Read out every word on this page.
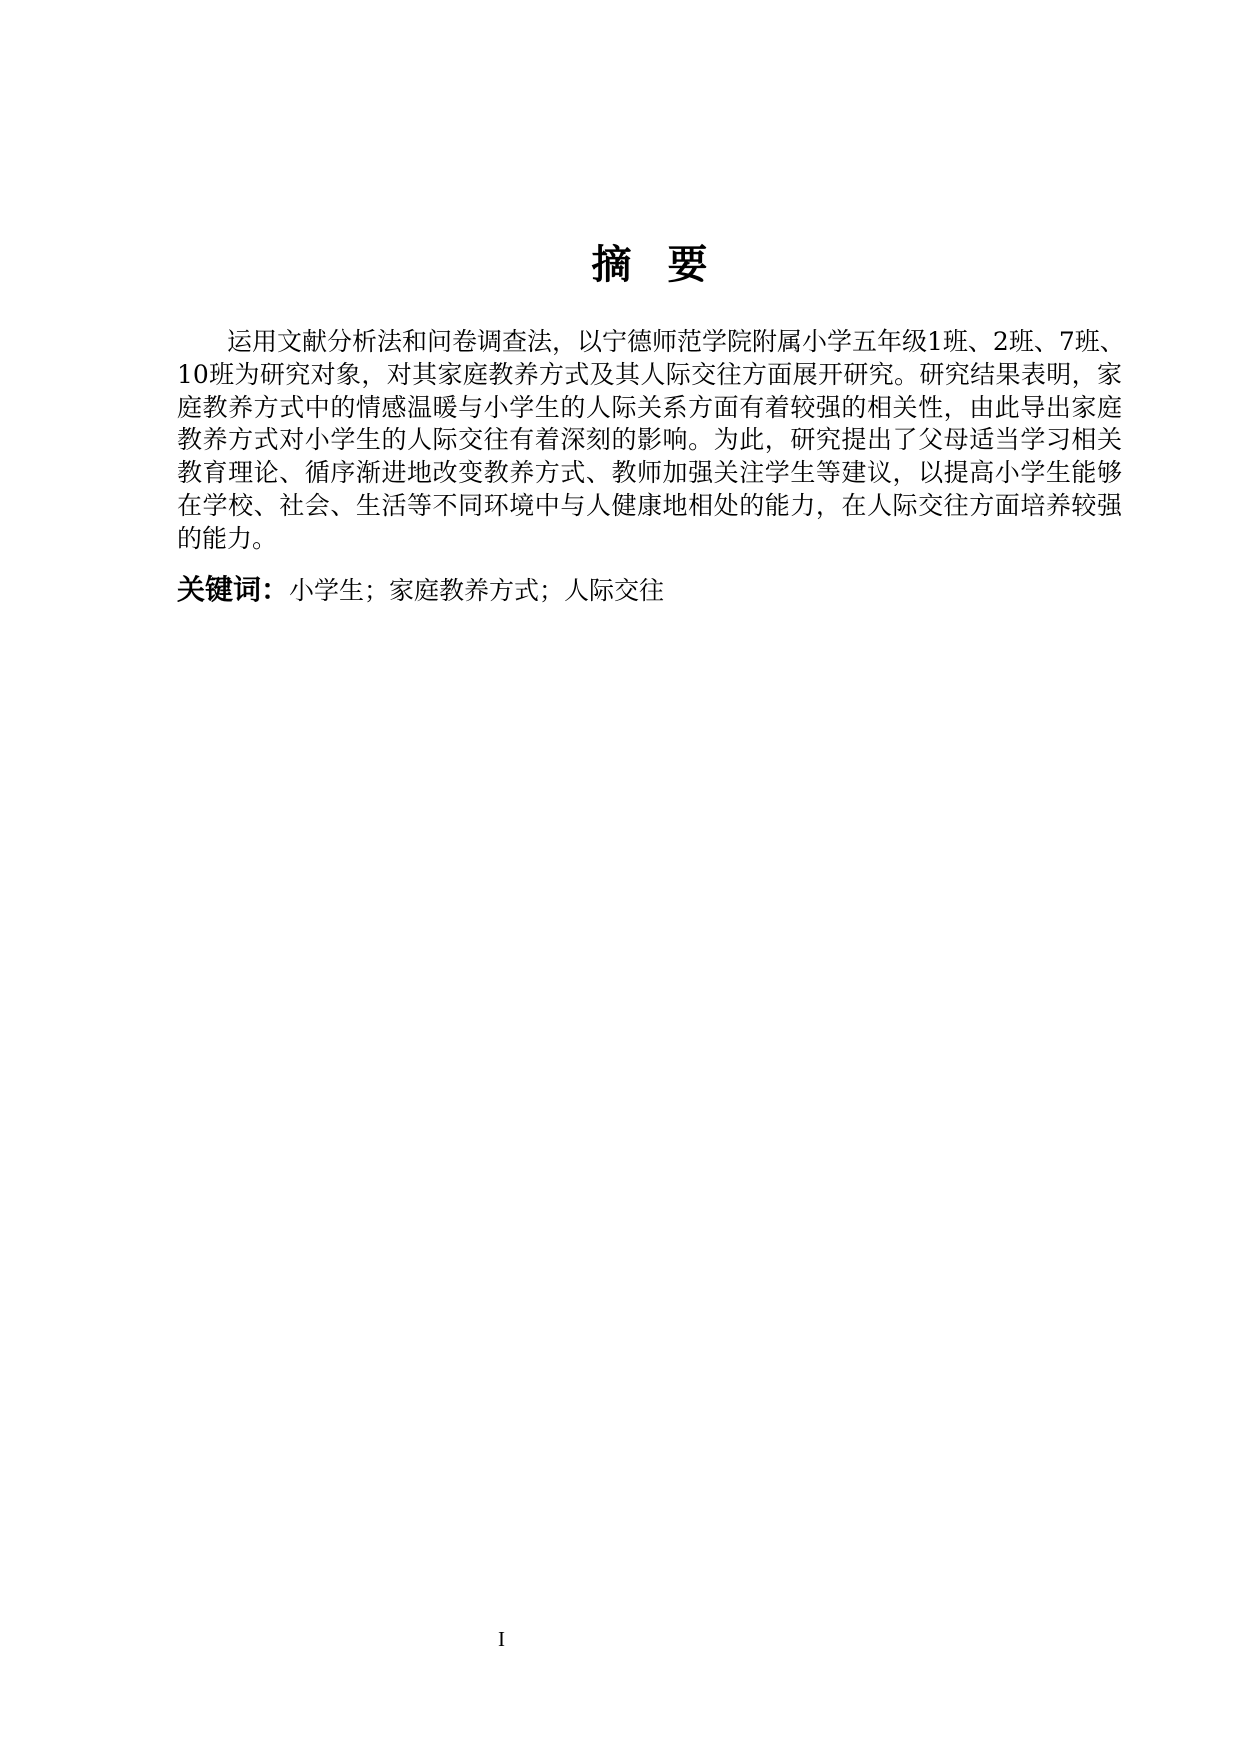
摘 要
运用文献分析法和问卷调查法，以宁德师范学院附属小学五年级1班、2班、7班、
10班为研究对象，对其家庭教养方式及其人际交往方面展开研究。研究结果表明，家
庭教养方式中的情感温暖与小学生的人际关系方面有着较强的相关性，由此导出家庭
教养方式对小学生的人际交往有着深刻的影响。为此，研究提出了父母适当学习相关
教育理论、循序渐进地改变教养方式、教师加强关注学生等建议，以提高小学生能够
在学校、社会、生活等不同环境中与人健康地相处的能力，在人际交往方面培养较强
的能力。
关键词：小学生；家庭教养方式；人际交往
I
